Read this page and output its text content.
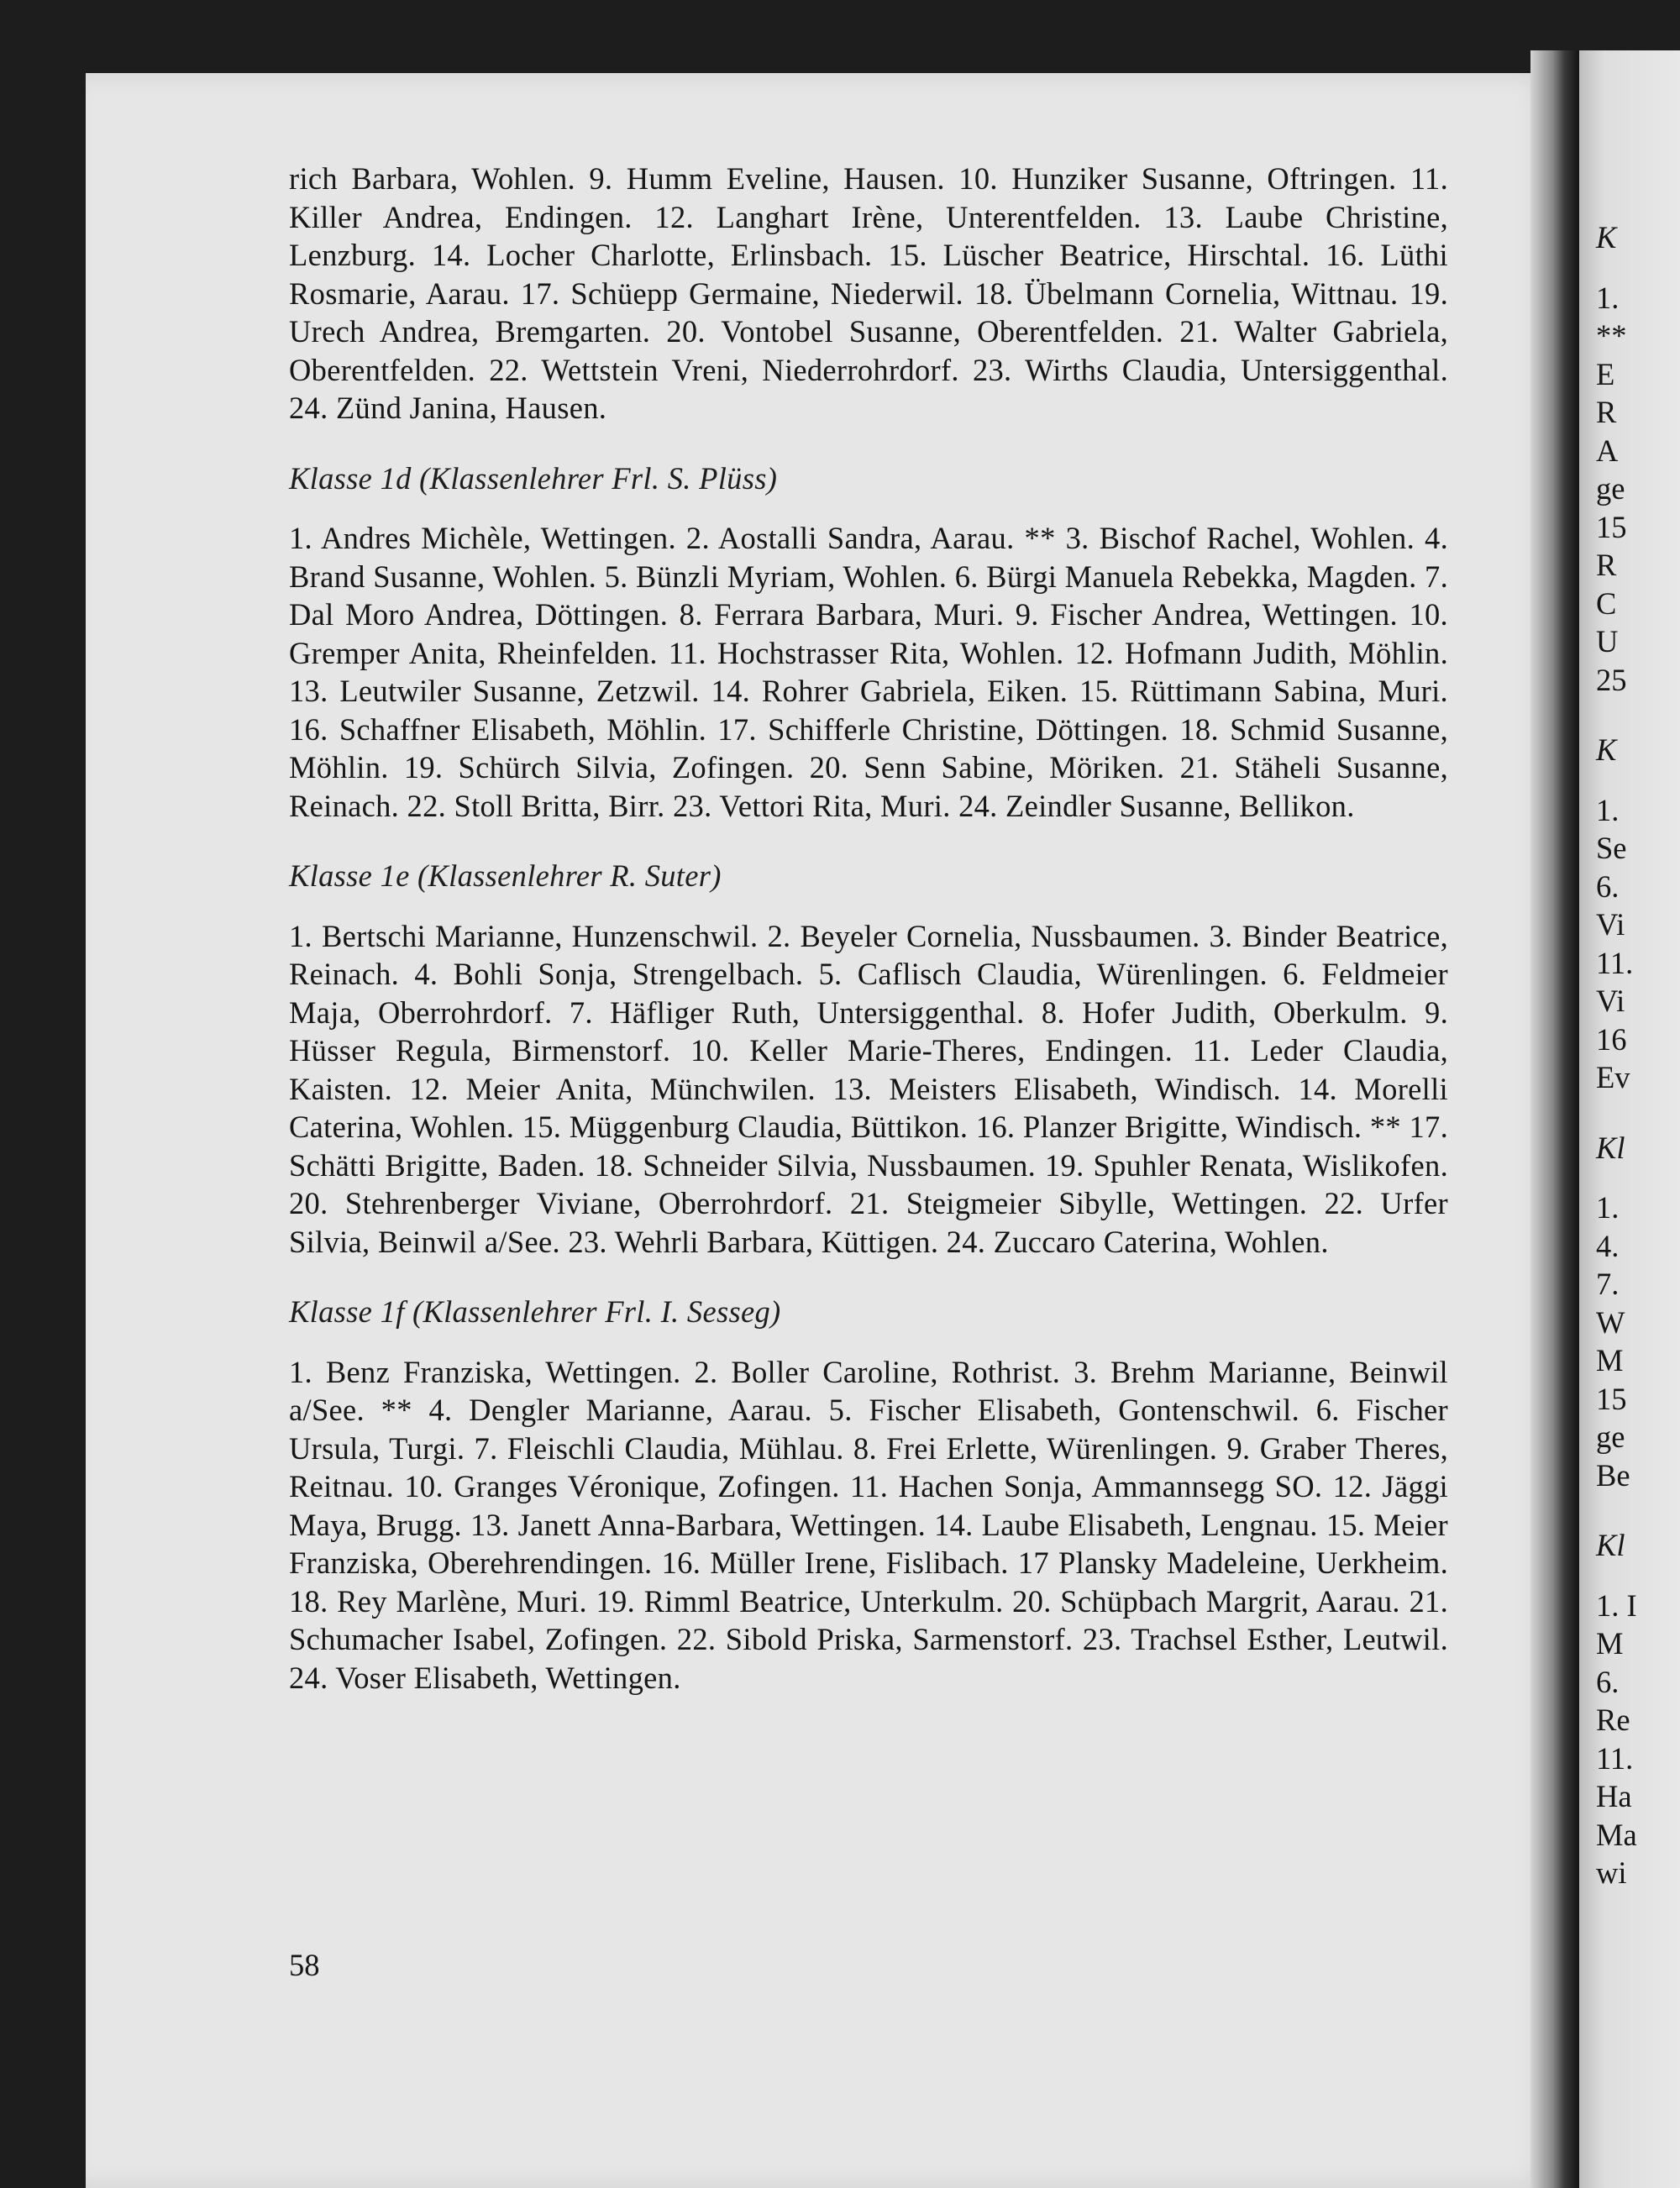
K
1.
**
E
R
A
ge
15
R
C
U
25
K
1.
Se
6.
Vi
11.
Vi
16
Ev
Kl
1.
4.
7.
W
M
15
ge
Be
Kl
1. I
M
6.
Re
11.
Ha
Ma
wi

rich Barbara, Wohlen. 9. Humm Eveline, Hausen. 10. Hunziker Susanne, Oftringen. 11. Killer Andrea, Endingen. 12. Langhart Irène, Unterentfelden. 13. Laube Christine, Lenzburg. 14. Locher Charlotte, Erlinsbach. 15. Lüscher Beatrice, Hirschtal. 16. Lüthi Rosmarie, Aarau. 17. Schüepp Germaine, Niederwil. 18. Übelmann Cornelia, Wittnau. 19. Urech Andrea, Bremgarten. 20. Vontobel Susanne, Oberentfelden. 21. Walter Gabriela, Oberentfelden. 22. Wettstein Vreni, Niederrohrdorf. 23. Wirths Claudia, Untersiggenthal. 24. Zünd Janina, Hausen.

Klasse 1d (Klassenlehrer Frl. S. Plüss)

1. Andres Michèle, Wettingen. 2. Aostalli Sandra, Aarau. ** 3. Bischof Rachel, Wohlen. 4. Brand Susanne, Wohlen. 5. Bünzli Myriam, Wohlen. 6. Bürgi Manuela Rebekka, Magden. 7. Dal Moro Andrea, Döttingen. 8. Ferrara Barbara, Muri. 9. Fischer Andrea, Wettingen. 10. Gremper Anita, Rheinfelden. 11. Hochstrasser Rita, Wohlen. 12. Hofmann Judith, Möhlin. 13. Leutwiler Susanne, Zetzwil. 14. Rohrer Gabriela, Eiken. 15. Rüttimann Sabina, Muri. 16. Schaffner Elisabeth, Möhlin. 17. Schifferle Christine, Döttingen. 18. Schmid Susanne, Möhlin. 19. Schürch Silvia, Zofingen. 20. Senn Sabine, Möriken. 21. Stäheli Susanne, Reinach. 22. Stoll Britta, Birr. 23. Vettori Rita, Muri. 24. Zeindler Susanne, Bellikon.

Klasse 1e (Klassenlehrer R. Suter)

1. Bertschi Marianne, Hunzenschwil. 2. Beyeler Cornelia, Nussbaumen. 3. Binder Beatrice, Reinach. 4. Bohli Sonja, Strengelbach. 5. Caflisch Claudia, Würenlingen. 6. Feldmeier Maja, Oberrohrdorf. 7. Häfliger Ruth, Untersiggenthal. 8. Hofer Judith, Oberkulm. 9. Hüsser Regula, Birmenstorf. 10. Keller Marie-Theres, Endingen. 11. Leder Claudia, Kaisten. 12. Meier Anita, Münchwilen. 13. Meisters Elisabeth, Windisch. 14. Morelli Caterina, Wohlen. 15. Müggenburg Claudia, Büttikon. 16. Planzer Brigitte, Windisch. ** 17. Schätti Brigitte, Baden. 18. Schneider Silvia, Nussbaumen. 19. Spuhler Renata, Wislikofen. 20. Stehrenberger Viviane, Oberrohrdorf. 21. Steigmeier Sibylle, Wettingen. 22. Urfer Silvia, Beinwil a/See. 23. Wehrli Barbara, Küttigen. 24. Zuccaro Caterina, Wohlen.

Klasse 1f (Klassenlehrer Frl. I. Sesseg)

1. Benz Franziska, Wettingen. 2. Boller Caroline, Rothrist. 3. Brehm Marianne, Beinwil a/See. ** 4. Dengler Marianne, Aarau. 5. Fischer Elisabeth, Gontenschwil. 6. Fischer Ursula, Turgi. 7. Fleischli Claudia, Mühlau. 8. Frei Erlette, Würenlingen. 9. Graber Theres, Reitnau. 10. Granges Véronique, Zofingen. 11. Hachen Sonja, Ammannsegg SO. 12. Jäggi Maya, Brugg. 13. Janett Anna-Barbara, Wettingen. 14. Laube Elisabeth, Lengnau. 15. Meier Franziska, Oberehrendingen. 16. Müller Irene, Fislibach. 17 Plansky Madeleine, Uerkheim. 18. Rey Marlène, Muri. 19. Rimml Beatrice, Unterkulm. 20. Schüpbach Margrit, Aarau. 21. Schumacher Isabel, Zofingen. 22. Sibold Priska, Sarmenstorf. 23. Trachsel Esther, Leutwil. 24. Voser Elisabeth, Wettingen.

58
